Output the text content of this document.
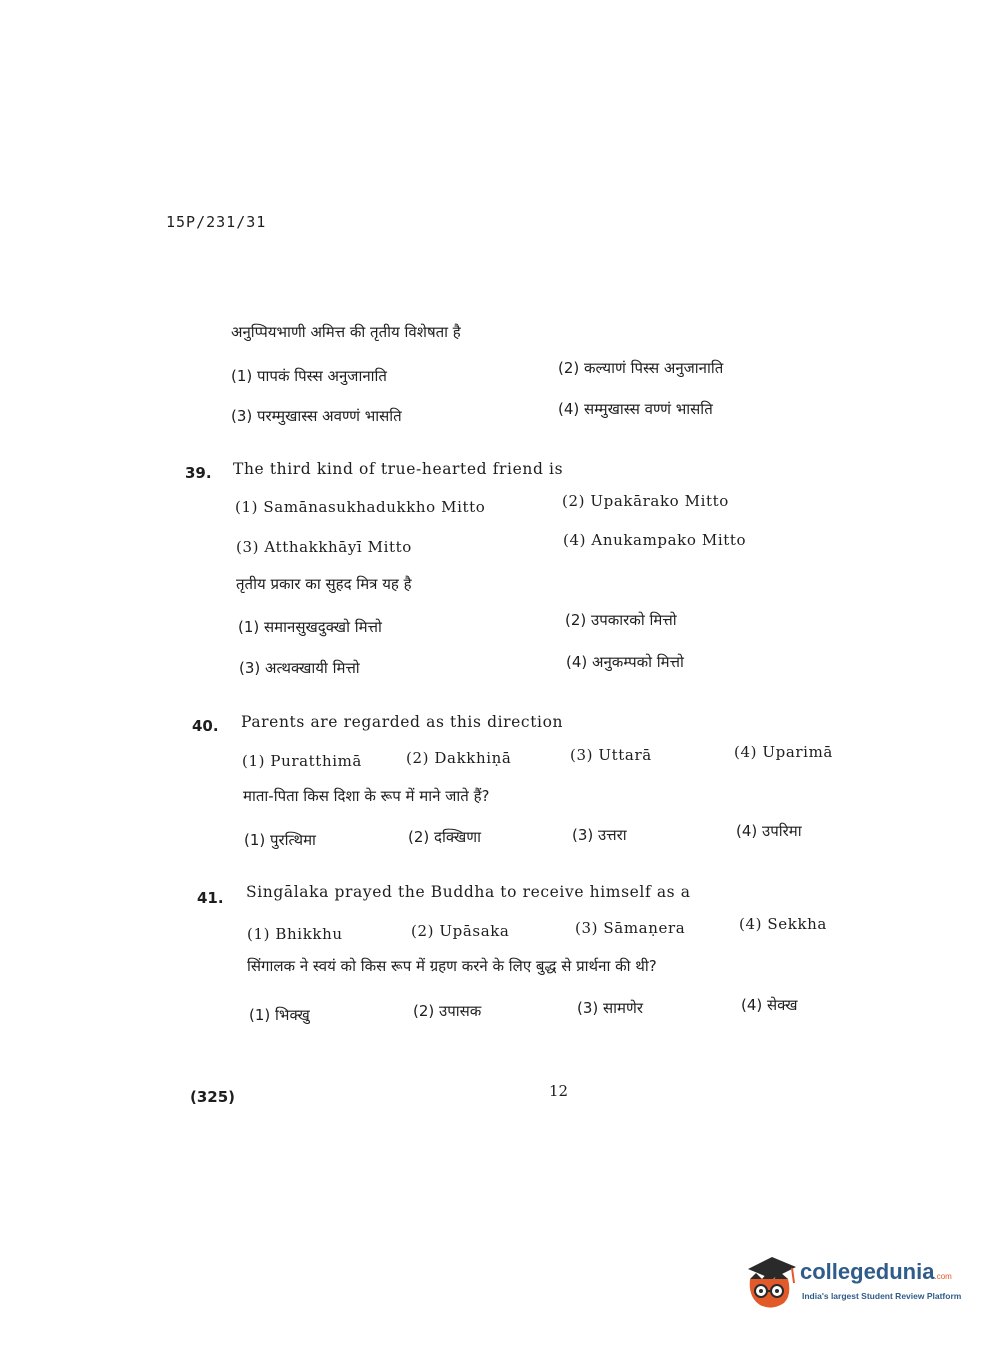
15P/231/31
अनुप्पियभाणी अमित्त की तृतीय विशेषता है
(1) पापकं पिस्स अनुजानाति	(2) कल्याणं पिस्स अनुजानाति
(3) परम्मुखास्स अवण्णं भासति	(4) सम्मुखास्स वण्णं भासति
39. The third kind of true-hearted friend is
(1) Samānasukhadukkho Mitto	(2) Upakārako Mitto
(3) Atthakkhāyī Mitto	(4) Anukampako Mitto
तृतीय प्रकार का सुहद मित्र यह है
(1) समानसुखदुक्खो मित्तो	(2) उपकारको मित्तो
(3) अत्थक्खायी मित्तो	(4) अनुकम्पको मित्तो
40. Parents are regarded as this direction
(1) Puratthimā	(2) Dakkhiṇā	(3) Uttarā	(4) Uparimā
माता-पिता किस दिशा के रूप में माने जाते हैं?
(1) पुरत्थिमा	(2) दक्खिणा	(3) उत्तरा	(4) उपरिमा
41. Singālaka prayed the Buddha to receive himself as a
(1) Bhikkhu	(2) Upāsaka	(3) Sāmaṇera	(4) Sekkha
सिंगालक ने स्वयं को किस रूप में ग्रहण करने के लिए बुद्ध से प्रार्थना की थी?
(1) भिक्खु	(2) उपासक	(3) सामणेर	(4) सेक्ख
(325)	12
collegedunia.com
India's largest Student Review Platform
